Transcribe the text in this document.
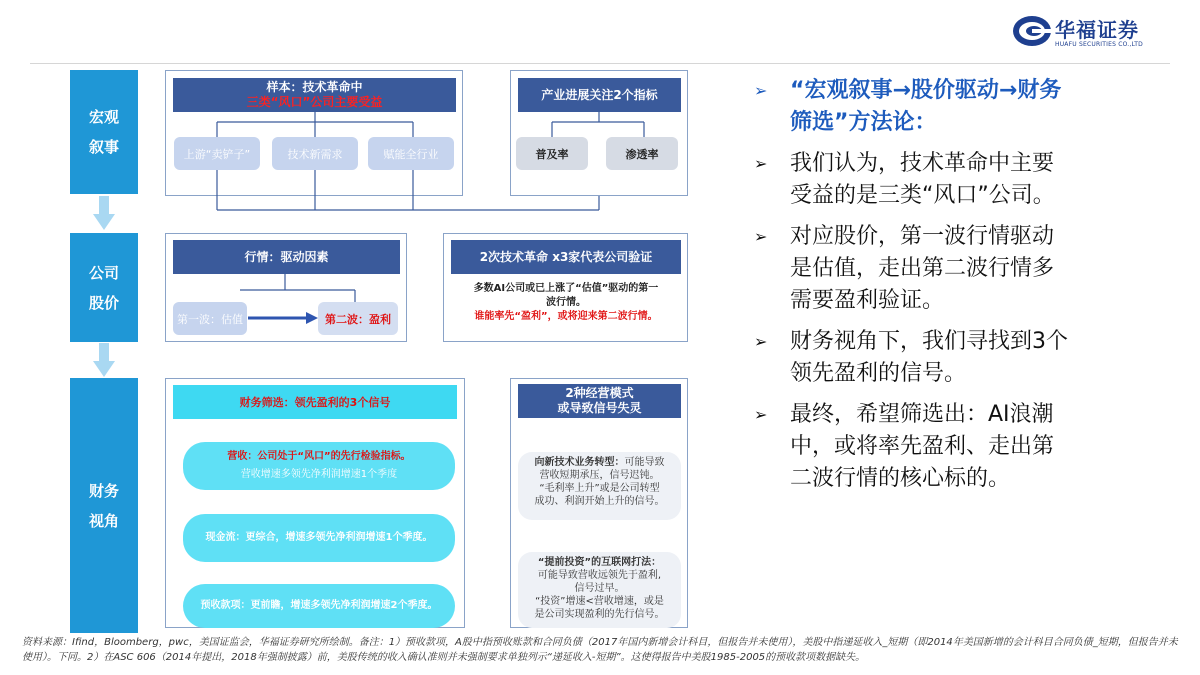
华福证券
HUAFU SECURITIES CO.,LTD
宏观
叙事
公司
股价
财务
视角
样本：技术革命中
三类“风口”公司主要受益
上游“卖铲子”	技术新需求	赋能全行业
产业进展关注2个指标
普及率	渗透率
行情：驱动因素
第一波：估值	第二波：盈利
2次技术革命 x3家代表公司验证
多数AI公司或已上涨了“估值”驱动的第一
波行情。
谁能率先“盈利”，或将迎来第二波行情。
财务筛选：领先盈利的3个信号
营收：公司处于“风口”的先行检验指标。
营收增速多领先净利润增速1个季度
现金流：更综合，增速多领先净利润增速1个季度。
预收款项：更前瞻，增速多领先净利润增速2个季度。
2种经营模式
或导致信号失灵
向新技术业务转型：可能导致
营收短期承压，信号迟钝。
“毛利率上升”或是公司转型
成功、利润开始上升的信号。
“提前投资”的互联网打法：
可能导致营收远领先于盈利,
信号过早。
“投资”增速<营收增速，或是
是公司实现盈利的先行信号。
➢ “宏观叙事→股价驱动→财务筛选”方法论：
➢ 我们认为，技术革命中主要受益的是三类“风口”公司。
➢ 对应股价，第一波行情驱动是估值，走出第二波行情多需要盈利验证。
➢ 财务视角下，我们寻找到3个领先盈利的信号。
➢ 最终，希望筛选出：AI浪潮中，或将率先盈利、走出第二波行情的核心标的。
资料来源：Ifind，Bloomberg，pwc，美国证监会，华福证券研究所绘制。备注：1）预收款项，A股中指预收账款和合同负债（2017年国内新增会计科目，但报告并未使用），美股中指递延收入_短期（即2014年美国新增的会计科目合同负债_短期，但报告并未使用）。下同。2）在ASC 606（2014年提出，2018年强制披露）前，美股传统的收入确认准则并未强制要求单独列示“递延收入-短期”。这使得报告中美股1985-2005的预收款项数据缺失。
